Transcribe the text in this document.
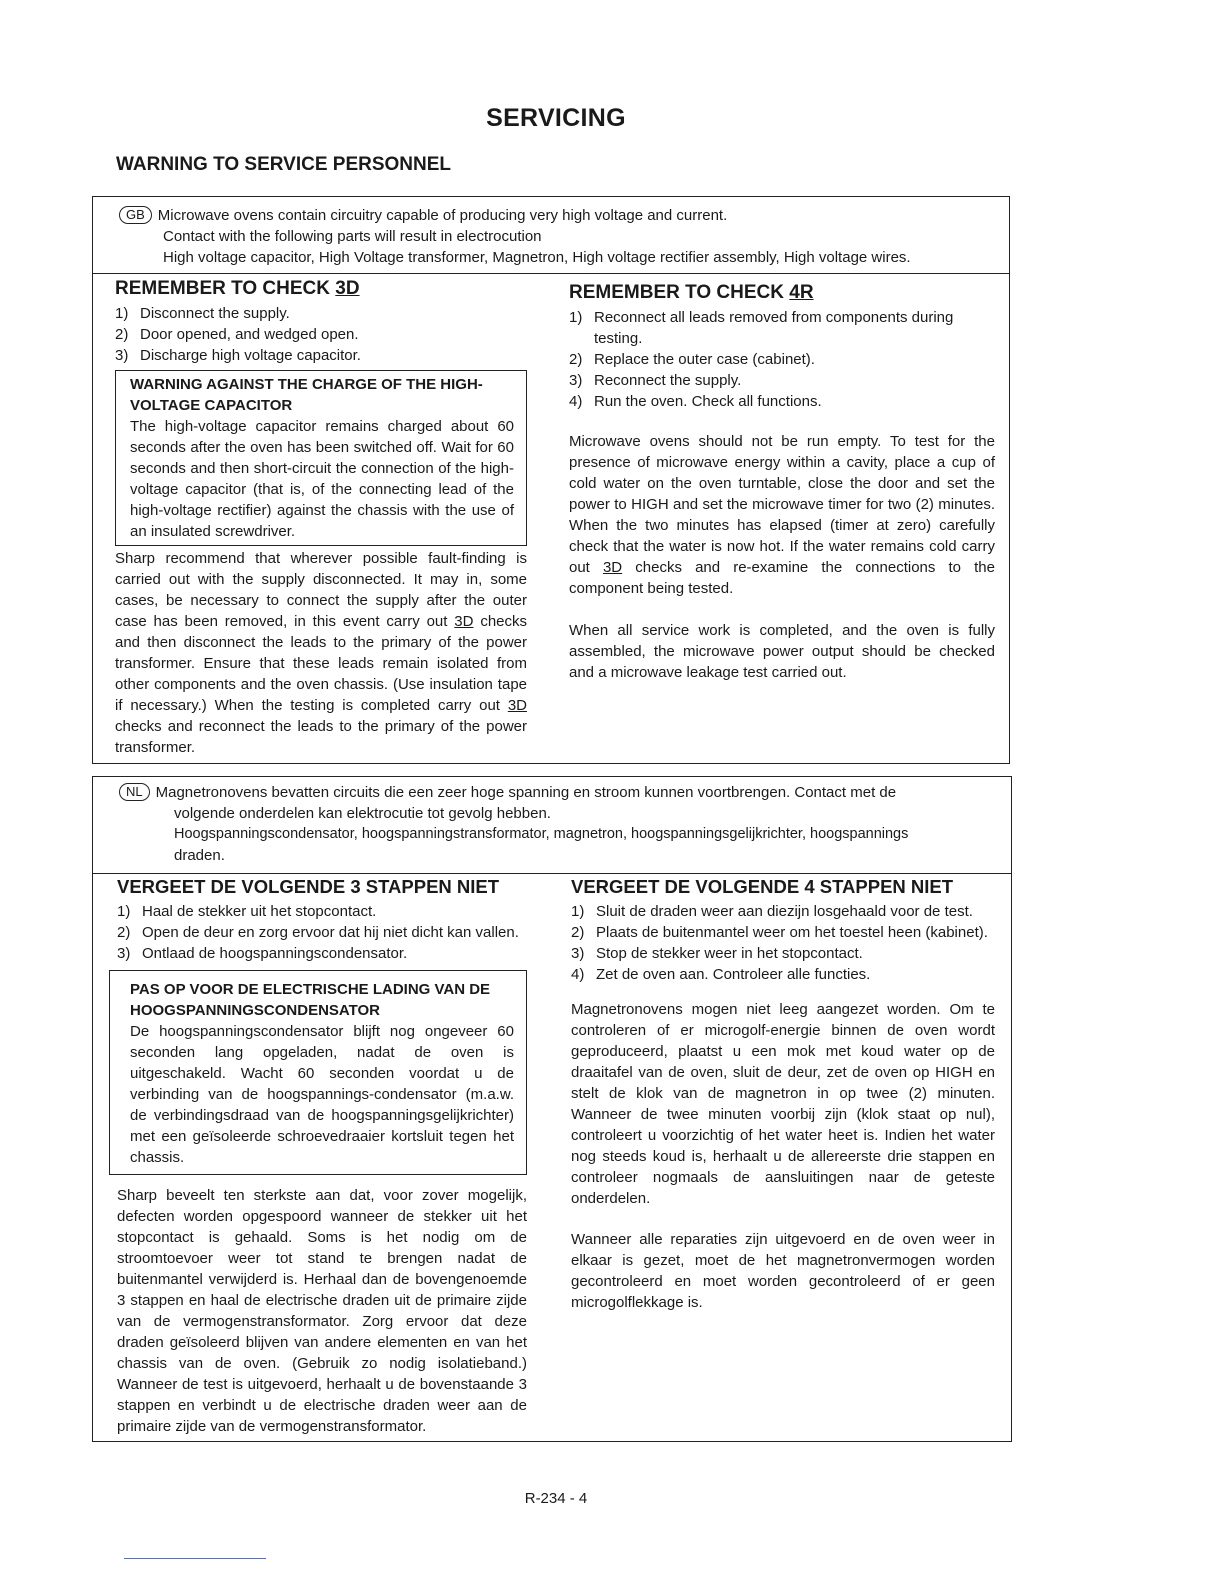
SERVICING
WARNING TO SERVICE PERSONNEL
GB Microwave ovens contain circuitry capable of producing very high voltage and current.
Contact with the following parts will result in electrocution
High voltage capacitor, High Voltage transformer, Magnetron, High voltage rectifier assembly, High voltage wires.
REMEMBER TO CHECK 3D
1) Disconnect the supply.
2) Door opened, and wedged open.
3) Discharge high voltage capacitor.
WARNING AGAINST THE CHARGE OF THE HIGH-VOLTAGE CAPACITOR

The high-voltage capacitor remains charged about 60 seconds after the oven has been switched off. Wait for 60 seconds and then short-circuit the connection of the high-voltage capacitor (that is, of the connecting lead of the high-voltage rectifier) against the chassis with the use of an insulated screwdriver.

Sharp recommend that wherever possible fault-finding is carried out with the supply disconnected. It may in, some cases, be necessary to connect the supply after the outer case has been removed, in this event carry out 3D checks and then disconnect the leads to the primary of the power transformer. Ensure that these leads remain isolated from other components and the oven chassis. (Use insulation tape if necessary.) When the testing is completed carry out 3D checks and reconnect the leads to the primary of the power transformer.

REMEMBER TO CHECK 4R
1) Reconnect all leads removed from components during testing.
2) Replace the outer case (cabinet).
3) Reconnect the supply.
4) Run the oven. Check all functions.

Microwave ovens should not be run empty. To test for the presence of microwave energy within a cavity, place a cup of cold water on the oven turntable, close the door and set the power to HIGH and set the microwave timer for two (2) minutes. When the two minutes has elapsed (timer at zero) carefully check that the water is now hot. If the water remains cold carry out 3D checks and re-examine the connections to the component being tested.

When all service work is completed, and the oven is fully assembled, the microwave power output should be checked and a microwave leakage test carried out.

NL Magnetronovens bevatten circuits die een zeer hoge spanning en stroom kunnen voortbrengen. Contact met de
volgende onderdelen kan elektrocutie tot gevolg hebben.
Hoogspanningscondensator, hoogspanningstransformator, magnetron, hoogspanningsgelijkrichter, hoogspannings
draden.
VERGEET DE VOLGENDE 3 STAPPEN NIET
1) Haal de stekker uit het stopcontact.
2) Open de deur en zorg ervoor dat hij niet dicht kan vallen.
3) Ontlaad de hoogspanningscondensator.
PAS OP VOOR DE ELECTRISCHE LADING VAN DE HOOGSPANNINGSCONDENSATOR

De hoogspanningscondensator blijft nog ongeveer 60 seconden lang opgeladen, nadat de oven is uitgeschakeld. Wacht 60 seconden voordat u de verbinding van de hoogspannings-condensator (m.a.w. de verbindingsdraad van de hoogspanningsgelijkrichter) met een geïsoleerde schroevedraaier kortsluit tegen het chassis.

Sharp beveelt ten sterkste aan dat, voor zover mogelijk, defecten worden opgespoord wanneer de stekker uit het stopcontact is gehaald. Soms is het nodig om de stroomtoevoer weer tot stand te brengen nadat de buitenmantel verwijderd is. Herhaal dan de bovengenoemde 3 stappen en haal de electrische draden uit de primaire zijde van de vermogenstransformator. Zorg ervoor dat deze draden geïsoleerd blijven van andere elementen en van het chassis van de oven. (Gebruik zo nodig isolatieband.) Wanneer de test is uitgevoerd, herhaalt u de bovenstaande 3 stappen en verbindt u de electrische draden weer aan de primaire zijde van de vermogenstransformator.

VERGEET DE VOLGENDE 4 STAPPEN NIET
1) Sluit de draden weer aan diezijn losgehaald voor de test.
2) Plaats de buitenmantel weer om het toestel heen (kabinet).
3) Stop de stekker weer in het stopcontact.
4) Zet de oven aan. Controleer alle functies.

Magnetronovens mogen niet leeg aangezet worden. Om te controleren of er microgolf-energie binnen de oven wordt geproduceerd, plaatst u een mok met koud water op de draaitafel van de oven, sluit de deur, zet de oven op HIGH en stelt de klok van de magnetron in op twee (2) minuten. Wanneer de twee minuten voorbij zijn (klok staat op nul), controleert u voorzichtig of het water heet is. Indien het water nog steeds koud is, herhaalt u de allereerste drie stappen en controleer nogmaals de aansluitingen naar de geteste onderdelen.

Wanneer alle reparaties zijn uitgevoerd en de oven weer in elkaar is gezet, moet de het magnetronvermogen worden gecontroleerd en moet worden gecontroleerd of er geen microgolflekkage is.

R-234 - 4
